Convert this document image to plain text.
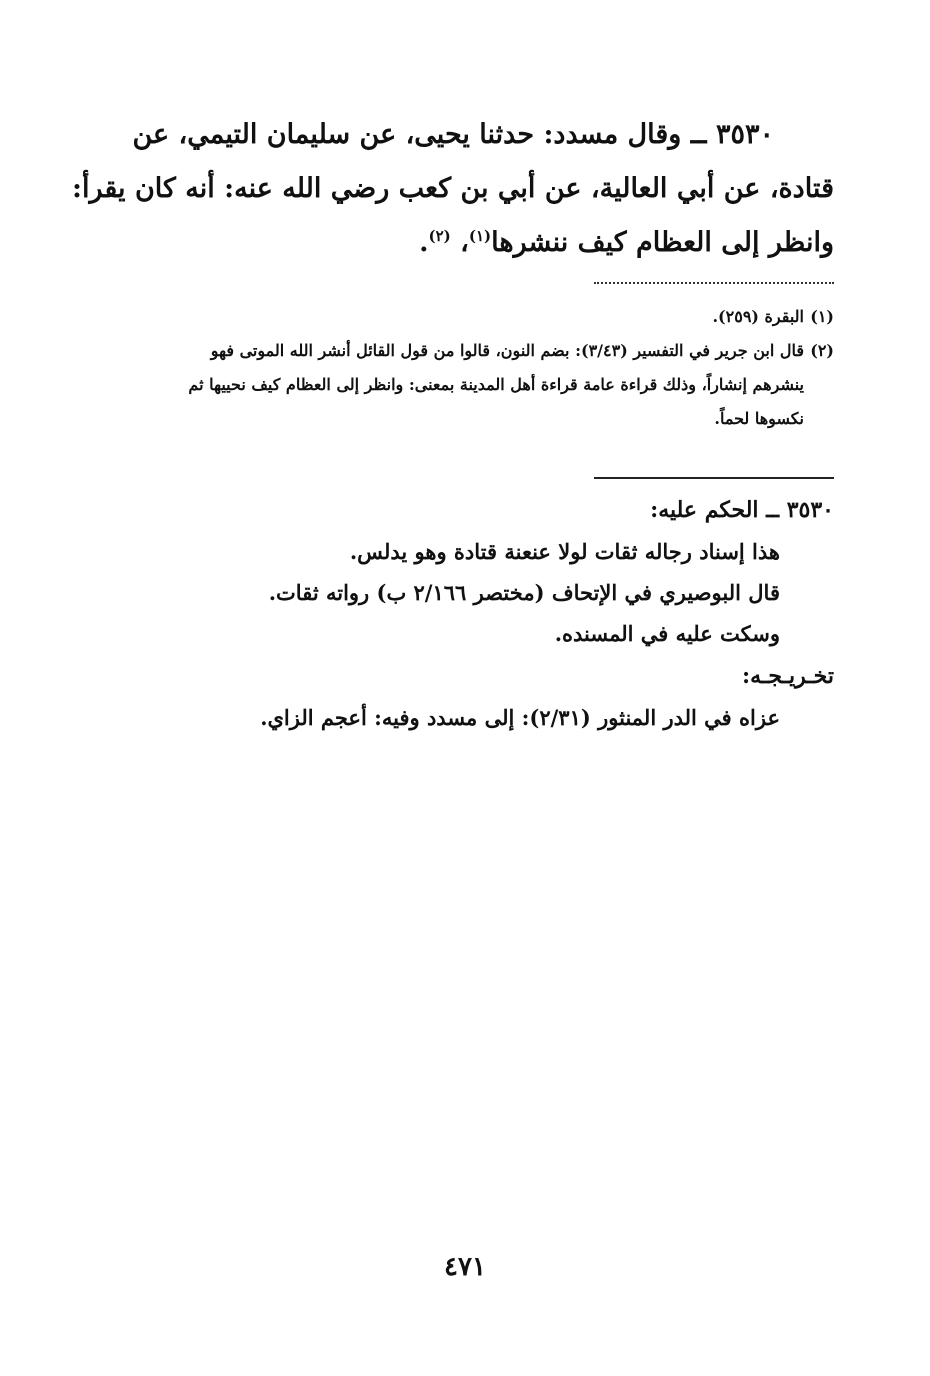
٣٥٣٠ ــ وقال مسدد: حدثنا يحيى، عن سليمان التيمي، عن
قتادة، عن أبي العالية، عن أبي بن كعب رضي الله عنه: أنه كان يقرأ:
وانظر إلى العظام كيف ننشرها$^{(١)}$، $^{(٢)}$.
(١)البقرة (٢٥٩).
(٢)قال ابن جرير في التفسير (٣/٤٣): بضم النون، قالوا من قول القائل أنشر الله الموتى فهو
ينشرهم إنشاراً، وذلك قراءة عامة قراءة أهل المدينة بمعنى: وانظر إلى العظام كيف نحييها ثم
نكسوها لحماً.
٣٥٣٠ ــ الحكم عليه:
هذا إسناد رجاله ثقات لولا عنعنة قتادة وهو يدلس.
قال البوصيري في الإتحاف (مختصر ٢/١٦٦ ب) رواته ثقات.
وسكت عليه في المسنده.
تخـريـجـه:
عزاه في الدر المنثور (٢/٣١): إلى مسدد وفيه: أعجم الزاي.
٤٧١
